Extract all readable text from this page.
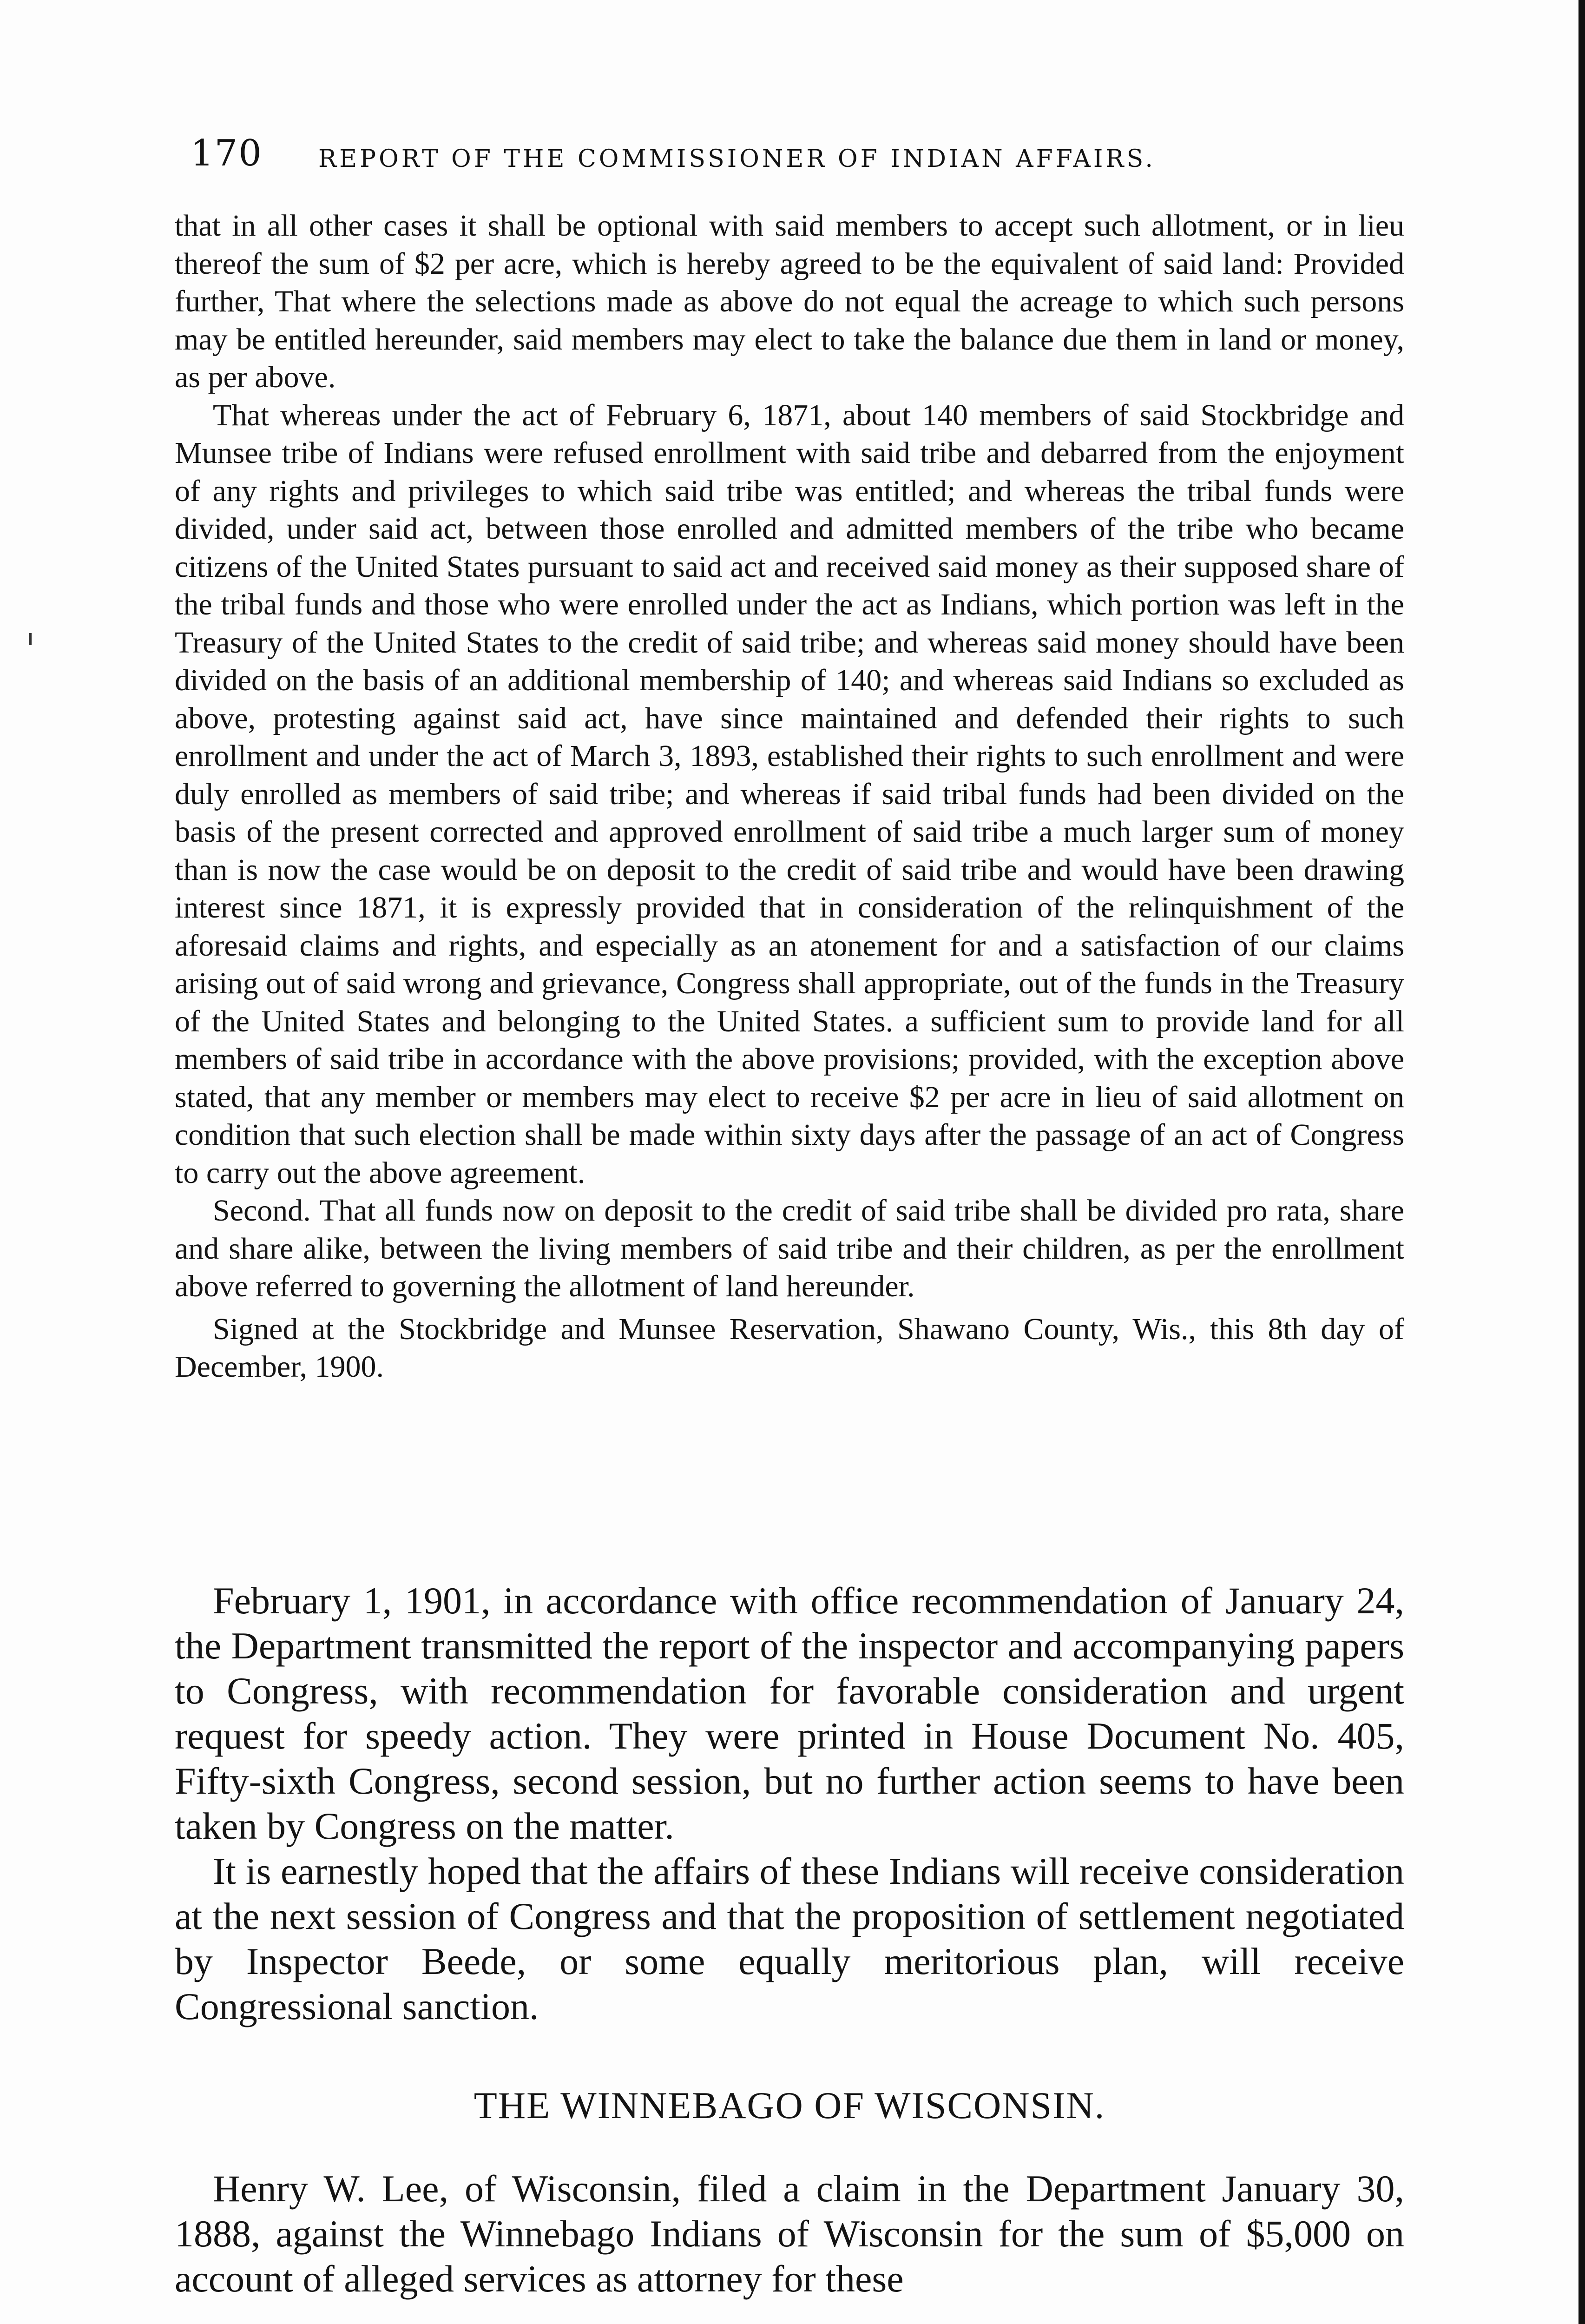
170 REPORT OF THE COMMISSIONER OF INDIAN AFFAIRS.

that in all other cases it shall be optional with said members to accept such allotment, or in lieu thereof the sum of $2 per acre, which is hereby agreed to be the equivalent of said land: Provided further, That where the selections made as above do not equal the acreage to which such persons may be entitled hereunder, said members may elect to take the balance due them in land or money, as per above.

That whereas under the act of February 6, 1871, about 140 members of said Stockbridge and Munsee tribe of Indians were refused enrollment with said tribe and debarred from the enjoyment of any rights and privileges to which said tribe was entitled; and whereas the tribal funds were divided, under said act, between those enrolled and admitted members of the tribe who became citizens of the United States pursuant to said act and received said money as their supposed share of the tribal funds and those who were enrolled under the act as Indians, which portion was left in the Treasury of the United States to the credit of said tribe; and whereas said money should have been divided on the basis of an additional membership of 140; and whereas said Indians so excluded as above, protesting against said act, have since maintained and defended their rights to such enrollment and under the act of March 3, 1893, established their rights to such enrollment and were duly enrolled as members of said tribe; and whereas if said tribal funds had been divided on the basis of the present corrected and approved enrollment of said tribe a much larger sum of money than is now the case would be on deposit to the credit of said tribe and would have been drawing interest since 1871, it is expressly provided that in consideration of the relinquishment of the aforesaid claims and rights, and especially as an atonement for and a satisfaction of our claims arising out of said wrong and grievance, Congress shall appropriate, out of the funds in the Treasury of the United States and belonging to the United States. a sufficient sum to provide land for all members of said tribe in accordance with the above provisions; provided, with the exception above stated, that any member or members may elect to receive $2 per acre in lieu of said allotment on condition that such election shall be made within sixty days after the passage of an act of Congress to carry out the above agreement.

Second. That all funds now on deposit to the credit of said tribe shall be divided pro rata, share and share alike, between the living members of said tribe and their children, as per the enrollment above referred to governing the allotment of land hereunder.

Signed at the Stockbridge and Munsee Reservation, Shawano County, Wis., this 8th day of December, 1900.

February 1, 1901, in accordance with office recommendation of January 24, the Department transmitted the report of the inspector and accompanying papers to Congress, with recommendation for favorable consideration and urgent request for speedy action. They were printed in House Document No. 405, Fifty-sixth Congress, second session, but no further action seems to have been taken by Congress on the matter.

It is earnestly hoped that the affairs of these Indians will receive consideration at the next session of Congress and that the proposition of settlement negotiated by Inspector Beede, or some equally meritorious plan, will receive Congressional sanction.

THE WINNEBAGO OF WISCONSIN.

Henry W. Lee, of Wisconsin, filed a claim in the Department January 30, 1888, against the Winnebago Indians of Wisconsin for the sum of $5,000 on account of alleged services as attorney for these
